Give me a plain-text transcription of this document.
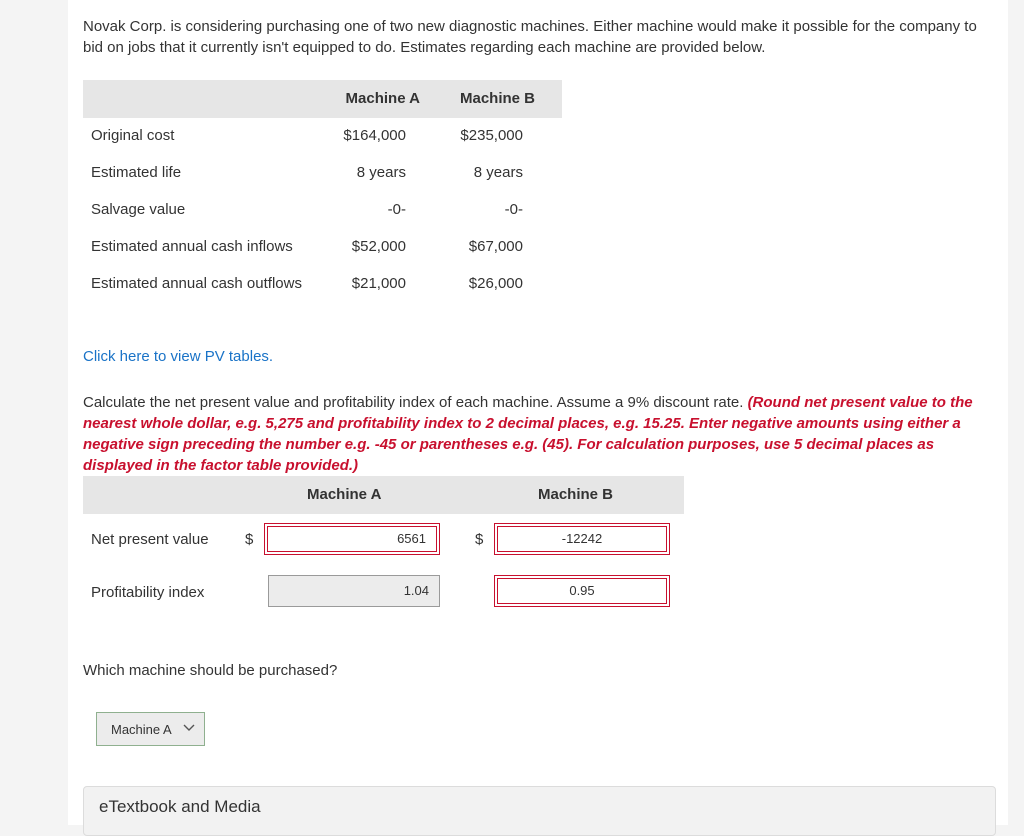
Novak Corp. is considering purchasing one of two new diagnostic machines. Either machine would make it possible for the company to bid on jobs that it currently isn't equipped to do. Estimates regarding each machine are provided below.

Machine A	Machine B
Original cost	$164,000	$235,000
Estimated life	8 years	8 years
Salvage value	-0-	-0-
Estimated annual cash inflows	$52,000	$67,000
Estimated annual cash outflows	$21,000	$26,000
Click here to view PV tables.

Calculate the net present value and profitability index of each machine. Assume a 9% discount rate. (Round net present value to the nearest whole dollar, e.g. 5,275 and profitability index to 2 decimal places, e.g. 15.25. Enter negative amounts using either a negative sign preceding the number e.g. -45 or parentheses e.g. (45). For calculation purposes, use 5 decimal places as displayed in the factor table provided.)

Machine A	Machine B
Net present value $	6561	$	-12242
Profitability index	1.04	0.95

Which machine should be purchased?

Machine A
eTextbook and Media
